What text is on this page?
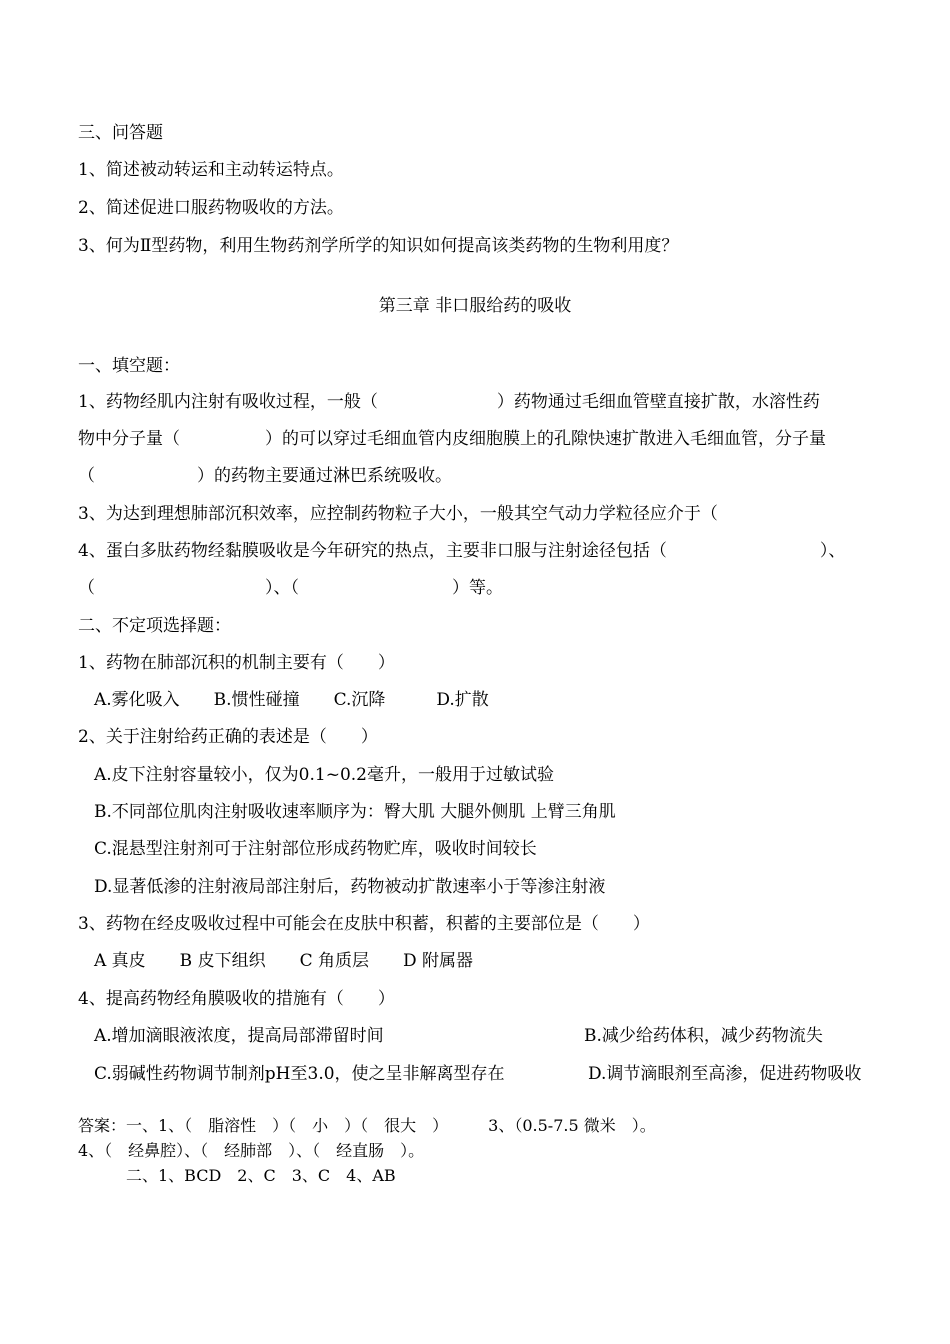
三、问答题
1、简述被动转运和主动转运特点。
2、简述促进口服药物吸收的方法。
3、何为Ⅱ型药物，利用生物药剂学所学的知识如何提高该类药物的生物利用度？
第三章 非口服给药的吸收
一、填空题：
1、药物经肌内注射有吸收过程，一般（　　　　　　　）药物通过毛细血管壁直接扩散，水溶性药
物中分子量（　　　　　）的可以穿过毛细血管内皮细胞膜上的孔隙快速扩散进入毛细血管，分子量
（　　　　　　）的药物主要通过淋巴系统吸收。
3、为达到理想肺部沉积效率，应控制药物粒子大小，一般其空气动力学粒径应介于（
4、蛋白多肽药物经黏膜吸收是今年研究的热点，主要非口服与注射途径包括（　　　　　　　　　）、
（　　　　　　　　　　）、（　　　　　　　　　）等。
二、不定项选择题：
1、药物在肺部沉积的机制主要有（　　）
A.雾化吸入　　B.惯性碰撞　　C.沉降　　　D.扩散
2、关于注射给药正确的表述是（　　）
A.皮下注射容量较小，仅为0.1~0.2毫升，一般用于过敏试验
B.不同部位肌肉注射吸收速率顺序为：臀大肌 大腿外侧肌 上臂三角肌
C.混悬型注射剂可于注射部位形成药物贮库，吸收时间较长
D.显著低渗的注射液局部注射后，药物被动扩散速率小于等渗注射液
3、药物在经皮吸收过程中可能会在皮肤中积蓄，积蓄的主要部位是（　　）
A 真皮　　B 皮下组织　　C 角质层　　D 附属器
4、提高药物经角膜吸收的措施有（　　）
A.增加滴眼液浓度，提高局部滞留时间	B.减少给药体积，减少药物流失
C.弱碱性药物调节制剂pH至3.0，使之呈非解离型存在	D.调节滴眼剂至高渗，促进药物吸收
答案：一、1、（　脂溶性　）（　小　）（　很大　）　　　3、（0.5-7.5 微米　）。
4、（　经鼻腔）、（　经肺部　）、（　经直肠　）。
二、1、BCD　2、C　3、C　4、AB
